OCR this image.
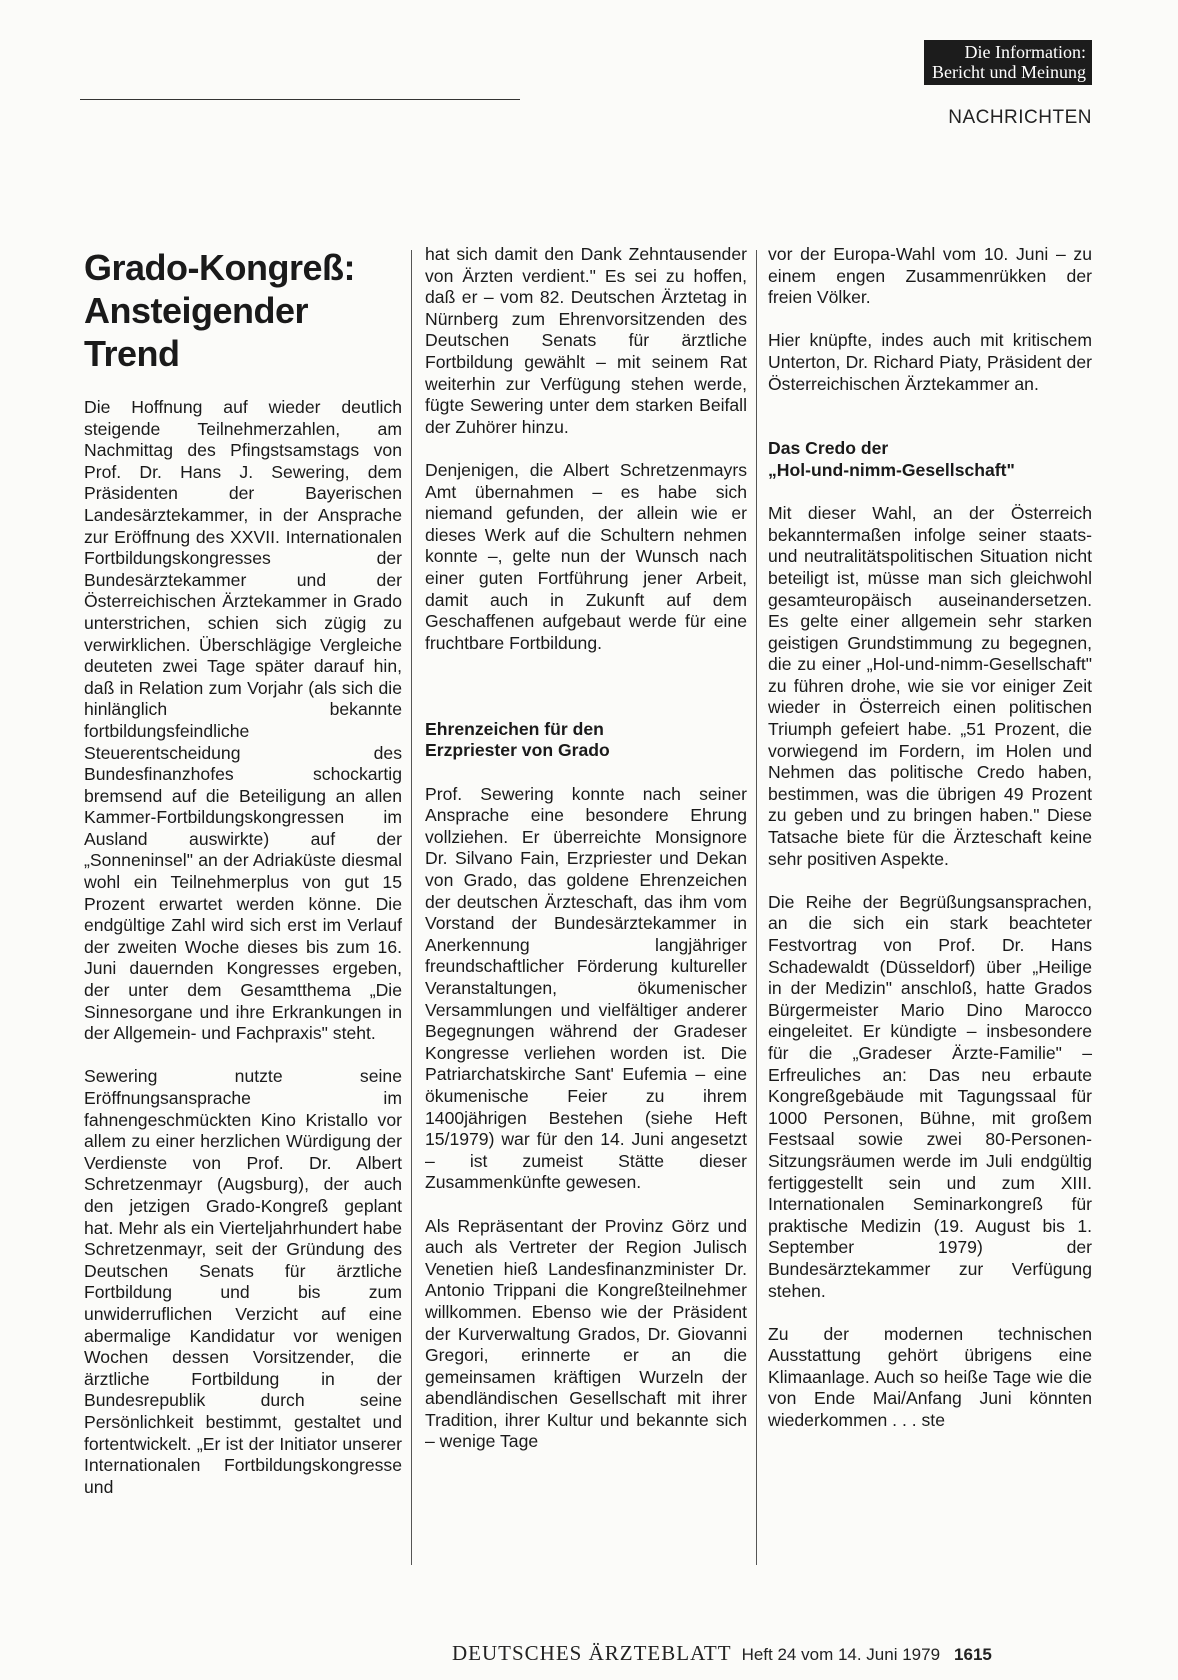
Die Information:
Bericht und Meinung
NACHRICHTEN
Grado-Kongreß:
Ansteigender
Trend

Die Hoffnung auf wieder deutlich steigende Teilnehmerzahlen, am Nachmittag des Pfingstsamstags von Prof. Dr. Hans J. Sewering, dem Präsidenten der Bayerischen Landesärztekammer, in der Ansprache zur Eröffnung des XXVII. Internationalen Fortbildungskongresses der Bundesärztekammer und der Österreichischen Ärztekammer in Grado unterstrichen, schien sich zügig zu verwirklichen. Überschlägige Vergleiche deuteten zwei Tage später darauf hin, daß in Relation zum Vorjahr (als sich die hinlänglich bekannte fortbildungsfeindliche Steuerentscheidung des Bundesfinanzhofes schockartig bremsend auf die Beteiligung an allen Kammer-Fortbildungskongressen im Ausland auswirkte) auf der „Sonneninsel" an der Adriaküste diesmal wohl ein Teilnehmerplus von gut 15 Prozent erwartet werden könne. Die endgültige Zahl wird sich erst im Verlauf der zweiten Woche dieses bis zum 16. Juni dauernden Kongresses ergeben, der unter dem Gesamtthema „Die Sinnesorgane und ihre Erkrankungen in der Allgemein- und Fachpraxis" steht.

Sewering nutzte seine Eröffnungsansprache im fahnengeschmückten Kino Kristallo vor allem zu einer herzlichen Würdigung der Verdienste von Prof. Dr. Albert Schretzenmayr (Augsburg), der auch den jetzigen Grado-Kongreß geplant hat. Mehr als ein Vierteljahrhundert habe Schretzenmayr, seit der Gründung des Deutschen Senats für ärztliche Fortbildung und bis zum unwiderruflichen Verzicht auf eine abermalige Kandidatur vor wenigen Wochen dessen Vorsitzender, die ärztliche Fortbildung in der Bundesrepublik durch seine Persönlichkeit bestimmt, gestaltet und fortentwickelt. „Er ist der Initiator unserer Internationalen Fortbildungskongresse und

hat sich damit den Dank Zehntausender von Ärzten verdient." Es sei zu hoffen, daß er – vom 82. Deutschen Ärztetag in Nürnberg zum Ehrenvorsitzenden des Deutschen Senats für ärztliche Fortbildung gewählt – mit seinem Rat weiterhin zur Verfügung stehen werde, fügte Sewering unter dem starken Beifall der Zuhörer hinzu.

Denjenigen, die Albert Schretzenmayrs Amt übernahmen – es habe sich niemand gefunden, der allein wie er dieses Werk auf die Schultern nehmen konnte –, gelte nun der Wunsch nach einer guten Fortführung jener Arbeit, damit auch in Zukunft auf dem Geschaffenen aufgebaut werde für eine fruchtbare Fortbildung.

Ehrenzeichen für den
Erzpriester von Grado

Prof. Sewering konnte nach seiner Ansprache eine besondere Ehrung vollziehen. Er überreichte Monsignore Dr. Silvano Fain, Erzpriester und Dekan von Grado, das goldene Ehrenzeichen der deutschen Ärzteschaft, das ihm vom Vorstand der Bundesärztekammer in Anerkennung langjähriger freundschaftlicher Förderung kultureller Veranstaltungen, ökumenischer Versammlungen und vielfältiger anderer Begegnungen während der Gradeser Kongresse verliehen worden ist. Die Patriarchatskirche Sant' Eufemia – eine ökumenische Feier zu ihrem 1400jährigen Bestehen (siehe Heft 15/1979) war für den 14. Juni angesetzt – ist zumeist Stätte dieser Zusammenkünfte gewesen.

Als Repräsentant der Provinz Görz und auch als Vertreter der Region Julisch Venetien hieß Landesfinanzminister Dr. Antonio Trippani die Kongreßteilnehmer willkommen. Ebenso wie der Präsident der Kurverwaltung Grados, Dr. Giovanni Gregori, erinnerte er an die gemeinsamen kräftigen Wurzeln der abendländischen Gesellschaft mit ihrer Tradition, ihrer Kultur und bekannte sich – wenige Tage

vor der Europa-Wahl vom 10. Juni – zu einem engen Zusammenrükken der freien Völker.

Hier knüpfte, indes auch mit kritischem Unterton, Dr. Richard Piaty, Präsident der Österreichischen Ärztekammer an.

Das Credo der
„Hol-und-nimm-Gesellschaft"

Mit dieser Wahl, an der Österreich bekanntermaßen infolge seiner staats- und neutralitätspolitischen Situation nicht beteiligt ist, müsse man sich gleichwohl gesamteuropäisch auseinandersetzen. Es gelte einer allgemein sehr starken geistigen Grundstimmung zu begegnen, die zu einer „Hol-und-nimm-Gesellschaft" zu führen drohe, wie sie vor einiger Zeit wieder in Österreich einen politischen Triumph gefeiert habe. „51 Prozent, die vorwiegend im Fordern, im Holen und Nehmen das politische Credo haben, bestimmen, was die übrigen 49 Prozent zu geben und zu bringen haben." Diese Tatsache biete für die Ärzteschaft keine sehr positiven Aspekte.

Die Reihe der Begrüßungsansprachen, an die sich ein stark beachteter Festvortrag von Prof. Dr. Hans Schadewaldt (Düsseldorf) über „Heilige in der Medizin" anschloß, hatte Grados Bürgermeister Mario Dino Marocco eingeleitet. Er kündigte – insbesondere für die „Gradeser Ärzte-Familie" – Erfreuliches an: Das neu erbaute Kongreßgebäude mit Tagungssaal für 1000 Personen, Bühne, mit großem Festsaal sowie zwei 80-Personen-Sitzungsräumen werde im Juli endgültig fertiggestellt sein und zum XIII. Internationalen Seminarkongreß für praktische Medizin (19. August bis 1. September 1979) der Bundesärztekammer zur Verfügung stehen.

Zu der modernen technischen Ausstattung gehört übrigens eine Klimaanlage. Auch so heiße Tage wie die von Ende Mai/Anfang Juni könnten wiederkommen . . . ste

DEUTSCHES ÄRZTEBLATT Heft 24 vom 14. Juni 1979 1615
